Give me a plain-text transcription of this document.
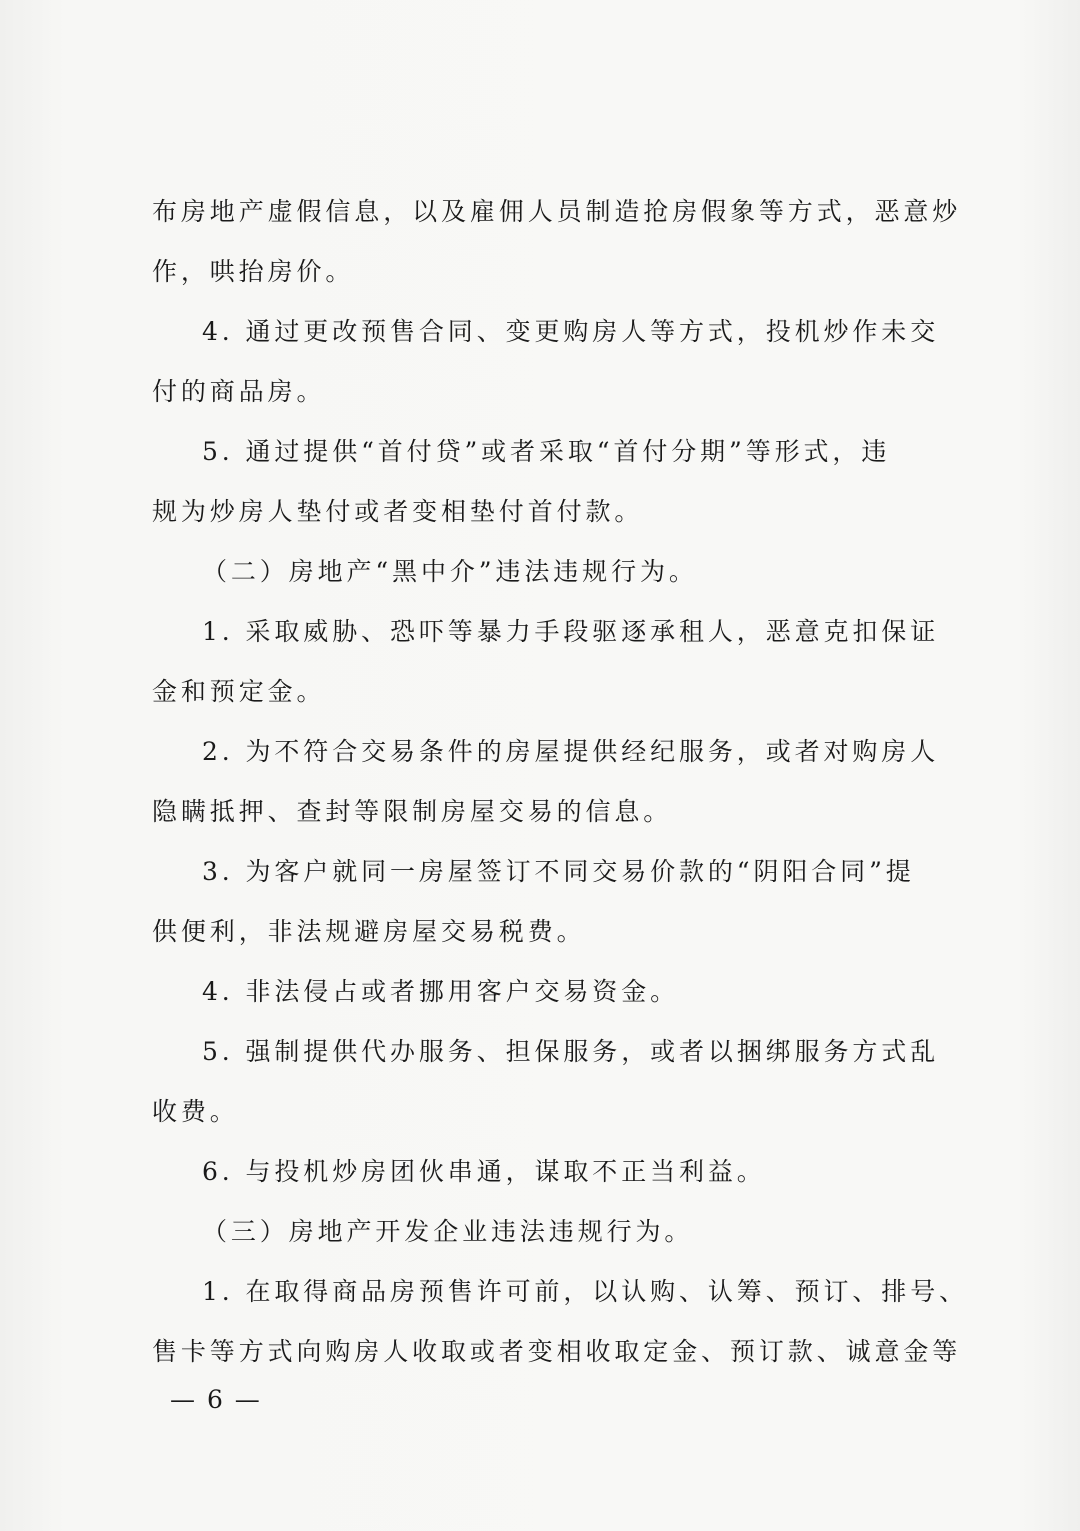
布房地产虚假信息，以及雇佣人员制造抢房假象等方式，恶意炒
作，哄抬房价。
4. 通过更改预售合同、变更购房人等方式，投机炒作未交
付的商品房。
5. 通过提供“首付贷”或者采取“首付分期”等形式，违
规为炒房人垫付或者变相垫付首付款。
（二）房地产“黑中介”违法违规行为。
1. 采取威胁、恐吓等暴力手段驱逐承租人，恶意克扣保证
金和预定金。
2. 为不符合交易条件的房屋提供经纪服务，或者对购房人
隐瞒抵押、查封等限制房屋交易的信息。
3. 为客户就同一房屋签订不同交易价款的“阴阳合同”提
供便利，非法规避房屋交易税费。
4. 非法侵占或者挪用客户交易资金。
5. 强制提供代办服务、担保服务，或者以捆绑服务方式乱
收费。
6. 与投机炒房团伙串通，谋取不正当利益。
（三）房地产开发企业违法违规行为。
1. 在取得商品房预售许可前，以认购、认筹、预订、排号、
售卡等方式向购房人收取或者变相收取定金、预订款、诚意金等
— 6 —
